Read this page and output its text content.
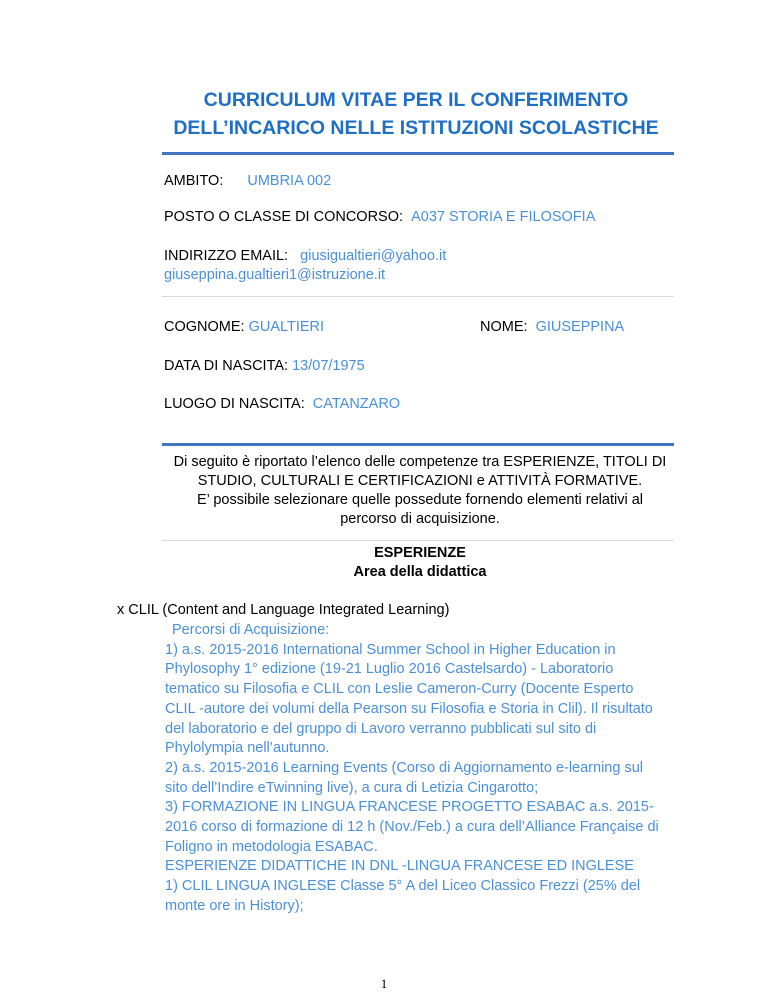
CURRICULUM VITAE PER IL CONFERIMENTO
DELL’INCARICO NELLE ISTITUZIONI SCOLASTICHE
AMBITO: UMBRIA 002
POSTO O CLASSE DI CONCORSO: A037 STORIA E FILOSOFIA
INDIRIZZO EMAIL: giusigualtieri@yahoo.it
giuseppina.gualtieri1@istruzione.it
COGNOME: GUALTIERI	NOME: GIUSEPPINA
DATA DI NASCITA: 13/07/1975
LUOGO DI NASCITA: CATANZARO
Di seguito è riportato l’elenco delle competenze tra ESPERIENZE, TITOLI DI
STUDIO, CULTURALI E CERTIFICAZIONI e ATTIVITÀ FORMATIVE.
E’ possibile selezionare quelle possedute fornendo elementi relativi al
percorso di acquisizione.
ESPERIENZE
Area della didattica
x CLIL (Content and Language Integrated Learning)
Percorsi di Acquisizione:
1) a.s. 2015-2016 International Summer School in Higher Education in
Phylosophy 1° edizione (19-21 Luglio 2016 Castelsardo) - Laboratorio
tematico su Filosofia e CLIL con Leslie Cameron-Curry (Docente Esperto
CLIL -autore dei volumi della Pearson su Filosofia e Storia in Clil). Il risultato
del laboratorio e del gruppo di Lavoro verranno pubblicati sul sito di
Phylolympia nell’autunno.
2) a.s. 2015-2016 Learning Events (Corso di Aggiornamento e-learning sul
sito dell’Indire eTwinning live), a cura di Letizia Cingarotto;
3) FORMAZIONE IN LINGUA FRANCESE PROGETTO ESABAC a.s. 2015-
2016 corso di formazione di 12 h (Nov./Feb.) a cura dell’Alliance Française di
Foligno in metodologia ESABAC.
ESPERIENZE DIDATTICHE IN DNL -LINGUA FRANCESE ED INGLESE
1) CLIL LINGUA INGLESE Classe 5° A del Liceo Classico Frezzi (25% del
monte ore in History);
1
